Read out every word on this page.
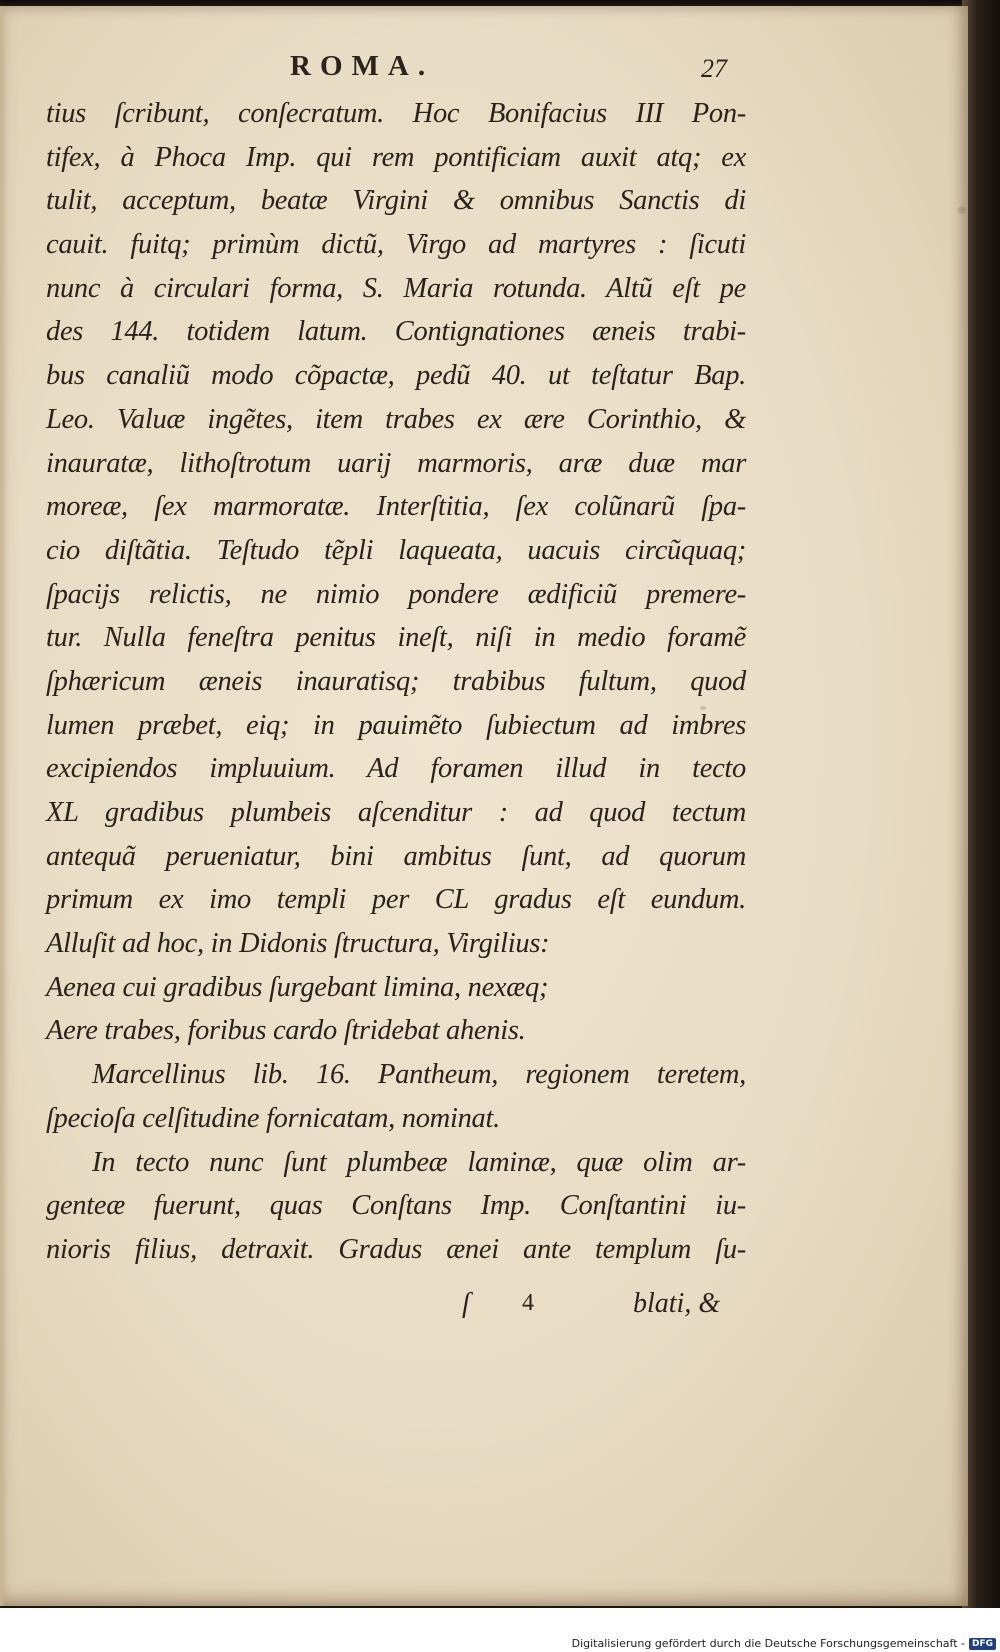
ROMA.	27
tius ſcribunt, conſecratum. Hoc Bonifacius III Pon-
tifex, à Phoca Imp. qui rem pontificiam auxit atq; ex
tulit, acceptum, beatæ Virgini & omnibus Sanctis di
cauit. fuitq; primùm dictũ, Virgo ad martyres : ſicuti
nunc à circulari forma, S. Maria rotunda. Altũ eſt pe
des 144. totidem latum. Contignationes æneis trabi-
bus canaliũ modo cõpactæ, pedũ 40. ut teſtatur Bap.
Leo. Valuæ ingẽtes, item trabes ex ære Corinthio, &
inauratæ, lithoſtrotum uarij marmoris, aræ duæ mar
moreæ, ſex marmoratæ. Interſtitia, ſex colũnarũ ſpa-
cio diſtãtia. Teſtudo tẽpli laqueata, uacuis circũquaq;
ſpacijs relictis, ne nimio pondere ædificiũ premere-
tur. Nulla feneſtra penitus ineſt, niſi in medio foramẽ
ſphæricum æneis inauratisq; trabibus fultum, quod
lumen præbet, eiq; in pauimẽto ſubiectum ad imbres
excipiendos impluuium. Ad foramen illud in tecto
XL gradibus plumbeis aſcenditur : ad quod tectum
antequã perueniatur, bini ambitus ſunt, ad quorum
primum ex imo templi per CL gradus eſt eundum.
Alluſit ad hoc, in Didonis ſtructura, Virgilius:
Aenea cui gradibus ſurgebant limina, nexæq;
Aere trabes, foribus cardo ſtridebat ahenis.
Marcellinus lib. 16. Pantheum, regionem teretem,
ſpecioſa celſitudine fornicatam, nominat.
In tecto nunc ſunt plumbeæ laminæ, quæ olim ar-
genteæ fuerunt, quas Conſtans Imp. Conſtantini iu-
nioris filius, detraxit. Gradus ænei ante templum ſu-
ſ 4	blati, &
Digitalisierung gefördert durch die Deutsche Forschungsgemeinschaft - DFG
